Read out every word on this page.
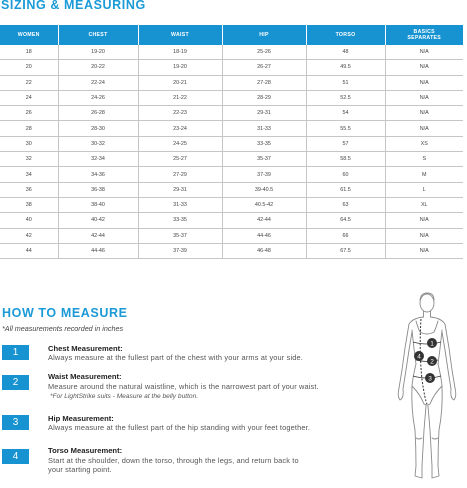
SIZING & MEASURING
WOMEN	CHEST	WAIST	HIP	TORSO	BASICS SEPARATES
18	19-20	18-19	25-26	48	N/A
20	20-22	19-20	26-27	49.5	N/A
22	22-24	20-21	27-28	51	N/A
24	24-26	21-22	28-29	52.5	N/A
26	26-28	22-23	29-31	54	N/A
28	28-30	23-24	31-33	55.5	N/A
30	30-32	24-25	33-35	57	XS
32	32-34	25-27	35-37	58.5	S
34	34-36	27-29	37-39	60	M
36	36-38	29-31	39-40.5	61.5	L
38	38-40	31-33	40.5-42	63	XL
40	40-42	33-35	42-44	64.5	N/A
42	42-44	35-37	44-46	66	N/A
44	44-46	37-39	46-48	67.5	N/A
HOW TO MEASURE
*All measurements recorded in inches
1	Chest Measurement:
Always measure at the fullest part of the chest with your arms at your side.
2
Waist Measurement:
Measure around the natural waistline, which is the narrowest part of your waist.
*For LightStrike suits - Measure at the belly button.
3	Hip Measurement:
Always measure at the fullest part of the hip standing with your feet together.
4
Torso Measurement:
Start at the shoulder, down the torso, through the legs, and return back to
your starting point.
1
2
3
4
